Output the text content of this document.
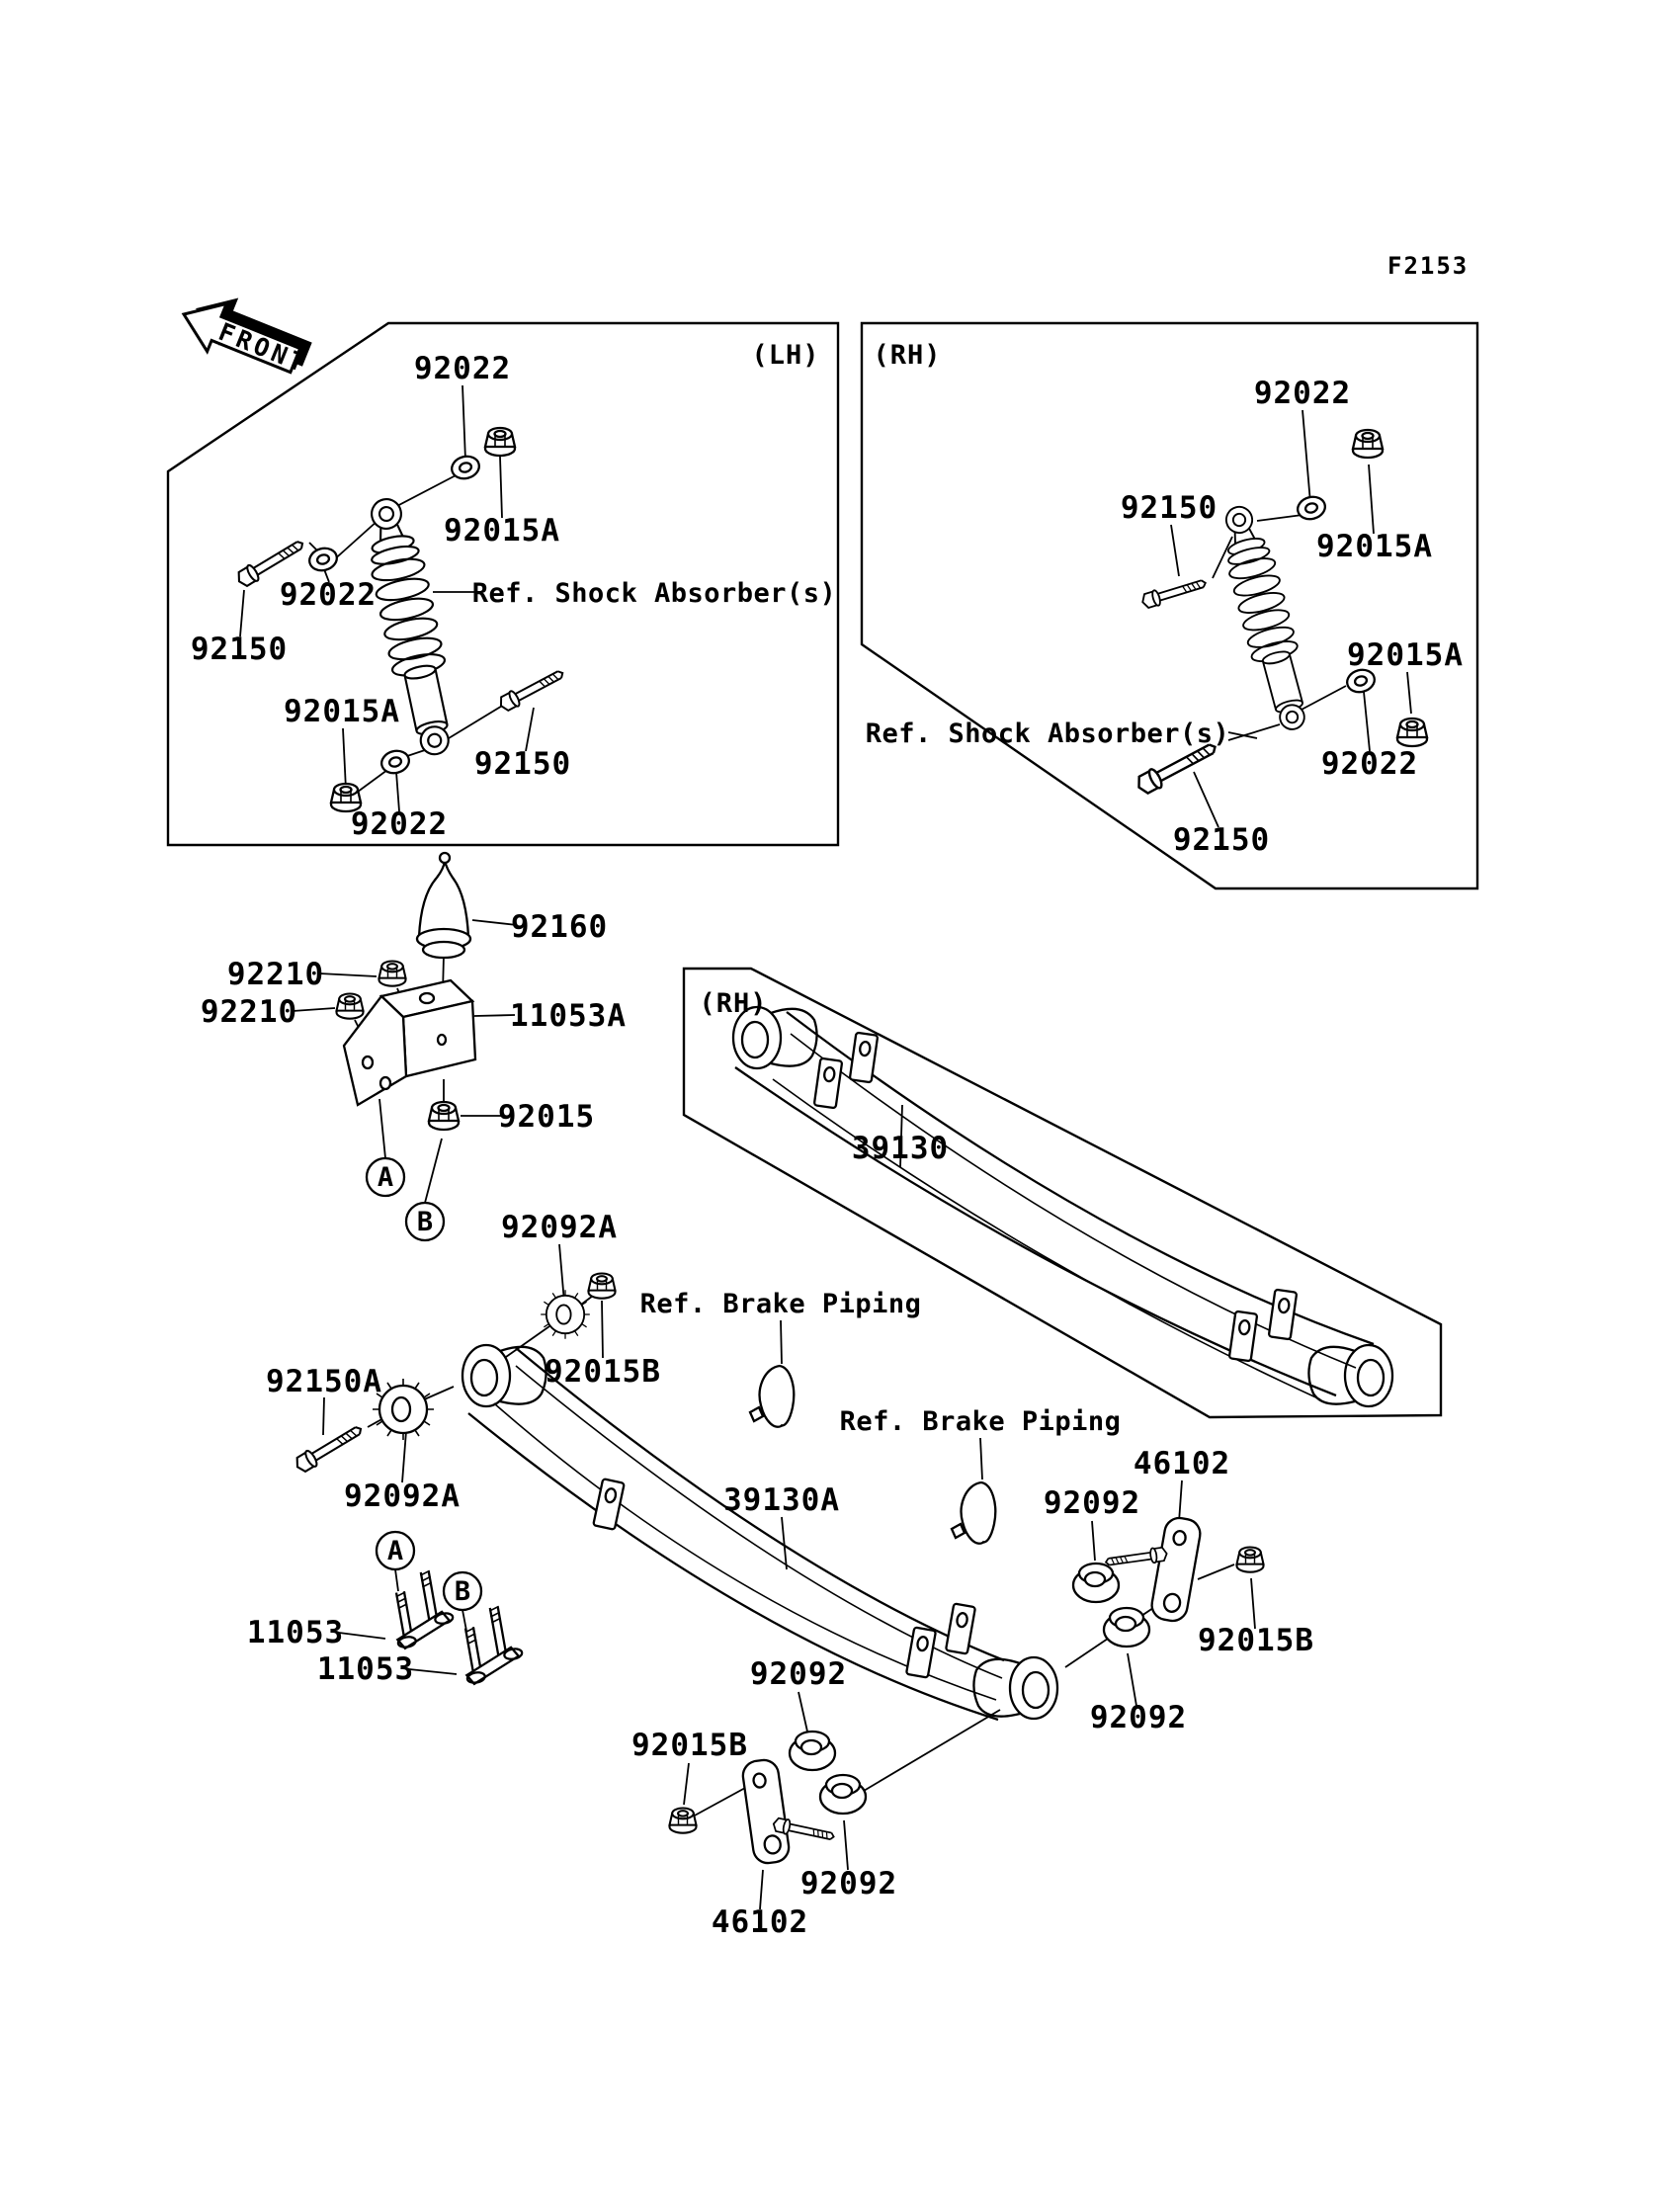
FRONT
F2153
(LH) (RH)
(RH)
92022
92015A
92022
92150
Ref. Shock Absorber(s)
92015A
92150
92022
92022
92150
92015A
92015A
Ref. Shock Absorber(s)
92022
92150
92160
92210
92210	11053A
92015
92092A
39130
92150A	92015B
Ref. Brake Piping
92092A	39130A
Ref. Brake Piping
46102
92092
92015B
92092
11053
11053	92092
92015B
92092
46102
A
B
A
B
